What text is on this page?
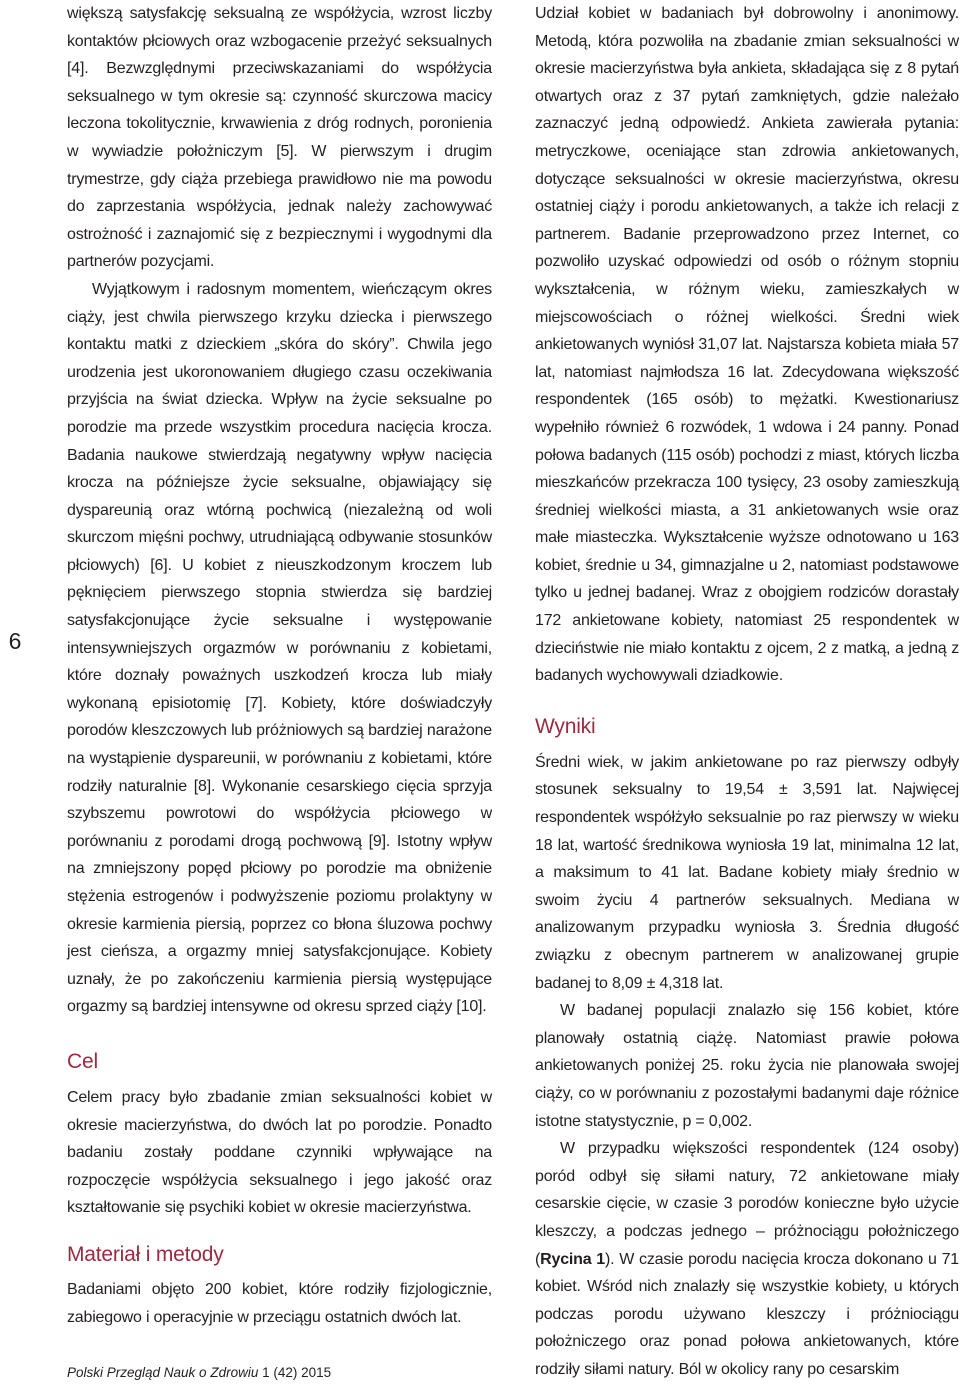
6

większą satysfakcję seksualną ze współżycia, wzrost liczby kontaktów płciowych oraz wzbogacenie przeżyć seksualnych [4]. Bezwzględnymi przeciwskazaniami do współżycia seksualnego w tym okresie są: czynność skurczowa macicy leczona tokolitycznie, krwawienia z dróg rodnych, poronienia w wywiadzie położniczym [5]. W pierwszym i drugim trymestrze, gdy ciąża przebiega prawidłowo nie ma powodu do zaprzestania współżycia, jednak należy zachowywać ostrożność i zaznajomić się z bezpiecznymi i wygodnymi dla partnerów pozycjami.

Wyjątkowym i radosnym momentem, wieńczącym okres ciąży, jest chwila pierwszego krzyku dziecka i pierwszego kontaktu matki z dzieckiem „skóra do skóry”. Chwila jego urodzenia jest ukoronowaniem długiego czasu oczekiwania przyjścia na świat dziecka. Wpływ na życie seksualne po porodzie ma przede wszystkim procedura nacięcia krocza. Badania naukowe stwierdzają negatywny wpływ nacięcia krocza na późniejsze życie seksualne, objawiający się dyspareunią oraz wtórną pochwicą (niezależną od woli skurczom mięśni pochwy, utrudniającą odbywanie stosunków płciowych) [6]. U kobiet z nieuszkodzonym kroczem lub pęknięciem pierwszego stopnia stwierdza się bardziej satysfakcjonujące życie seksualne i występowanie intensywniejszych orgazmów w porównaniu z kobietami, które doznały poważnych uszkodzeń krocza lub miały wykonaną episiotomię [7]. Kobiety, które doświadczyły porodów kleszczowych lub próżniowych są bardziej narażone na wystąpienie dyspareunii, w porównaniu z kobietami, które rodziły naturalnie [8]. Wykonanie cesarskiego cięcia sprzyja szybszemu powrotowi do współżycia płciowego w porównaniu z porodami drogą pochwową [9]. Istotny wpływ na zmniejszony popęd płciowy po porodzie ma obniżenie stężenia estrogenów i podwyższenie poziomu prolaktyny w okresie karmienia piersią, poprzez co błona śluzowa pochwy jest cieńsza, a orgazmy mniej satysfakcjonujące. Kobiety uznały, że po zakończeniu karmienia piersią występujące orgazmy są bardziej intensywne od okresu sprzed ciąży [10].

Cel

Celem pracy było zbadanie zmian seksualności kobiet w okresie macierzyństwa, do dwóch lat po porodzie. Ponadto badaniu zostały poddane czynniki wpływające na rozpoczęcie współżycia seksualnego i jego jakość oraz kształtowanie się psychiki kobiet w okresie macierzyństwa.

Materiał i metody

Badaniami objęto 200 kobiet, które rodziły fizjologicznie, zabiegowo i operacyjnie w przeciągu ostatnich dwóch lat.

Udział kobiet w badaniach był dobrowolny i anonimowy. Metodą, która pozwoliła na zbadanie zmian seksualności w okresie macierzyństwa była ankieta, składająca się z 8 pytań otwartych oraz z 37 pytań zamkniętych, gdzie należało zaznaczyć jedną odpowiedź. Ankieta zawierała pytania: metryczkowe, oceniające stan zdrowia ankietowanych, dotyczące seksualności w okresie macierzyństwa, okresu ostatniej ciąży i porodu ankietowanych, a także ich relacji z partnerem. Badanie przeprowadzono przez Internet, co pozwoliło uzyskać odpowiedzi od osób o różnym stopniu wykształcenia, w różnym wieku, zamieszkałych w miejscowościach o różnej wielkości. Średni wiek ankietowanych wyniósł 31,07 lat. Najstarsza kobieta miała 57 lat, natomiast najmłodsza 16 lat. Zdecydowana większość respondentek (165 osób) to mężatki. Kwestionariusz wypełniło również 6 rozwódek, 1 wdowa i 24 panny. Ponad połowa badanych (115 osób) pochodzi z miast, których liczba mieszkańców przekracza 100 tysięcy, 23 osoby zamieszkują średniej wielkości miasta, a 31 ankietowanych wsie oraz małe miasteczka. Wykształcenie wyższe odnotowano u 163 kobiet, średnie u 34, gimnazjalne u 2, natomiast podstawowe tylko u jednej badanej. Wraz z obojgiem rodziców dorastały 172 ankietowane kobiety, natomiast 25 respondentek w dzieciństwie nie miało kontaktu z ojcem, 2 z matką, a jedną z badanych wychowywali dziadkowie.

Wyniki

Średni wiek, w jakim ankietowane po raz pierwszy odbyły stosunek seksualny to 19,54 ± 3,591 lat. Najwięcej respondentek współżyło seksualnie po raz pierwszy w wieku 18 lat, wartość średnikowa wyniosła 19 lat, minimalna 12 lat, a maksimum to 41 lat. Badane kobiety miały średnio w swoim życiu 4 partnerów seksualnych. Mediana w analizowanym przypadku wyniosła 3. Średnia długość związku z obecnym partnerem w analizowanej grupie badanej to 8,09 ± 4,318 lat.

W badanej populacji znalazło się 156 kobiet, które planowały ostatnią ciążę. Natomiast prawie połowa ankietowanych poniżej 25. roku życia nie planowała swojej ciąży, co w porównaniu z pozostałymi badanymi daje różnice istotne statystycznie, p = 0,002.

W przypadku większości respondentek (124 osoby) poród odbył się siłami natury, 72 ankietowane miały cesarskie cięcie, w czasie 3 porodów konieczne było użycie kleszczy, a podczas jednego – próżnociągu położniczego (Rycina 1). W czasie porodu nacięcia krocza dokonano u 71 kobiet. Wśród nich znalazły się wszystkie kobiety, u których podczas porodu używano kleszczy i próżniociągu położniczego oraz ponad połowa ankietowanych, które rodziły siłami natury. Ból w okolicy rany po cesarskim

Polski Przegląd Nauk o Zdrowiu 1 (42) 2015
